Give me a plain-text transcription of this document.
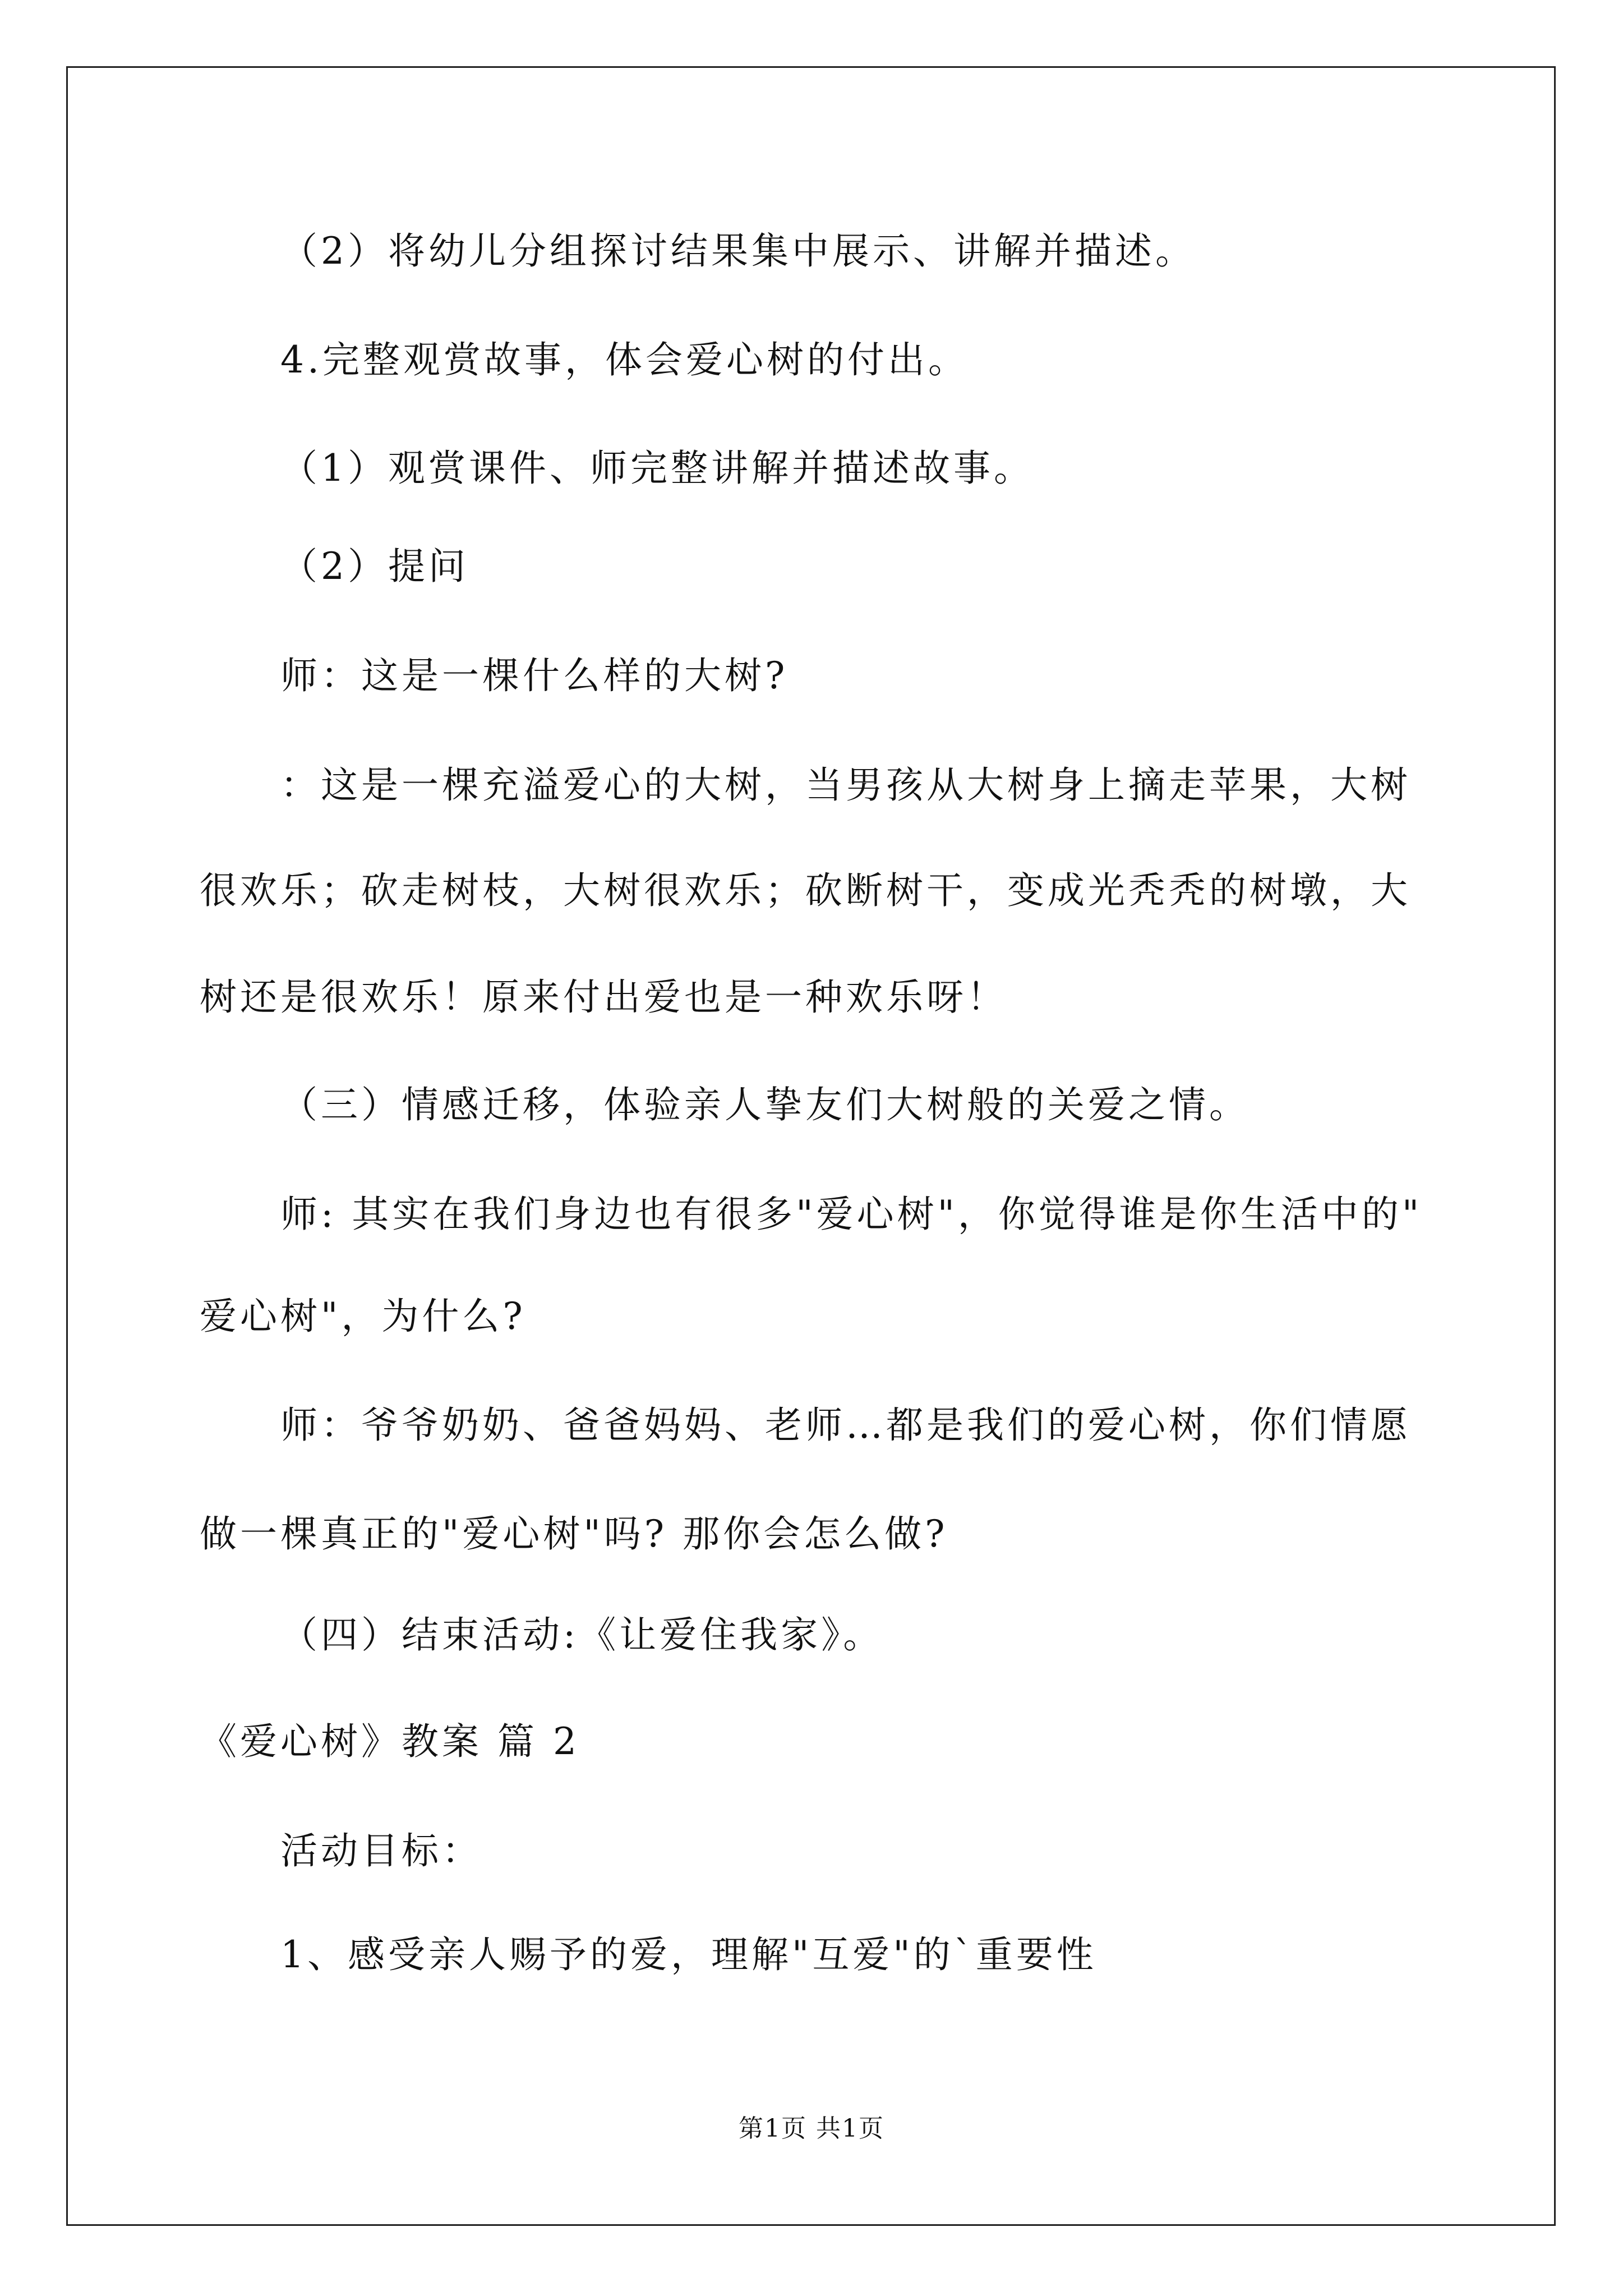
（2）将幼儿分组探讨结果集中展示、讲解并描述。
4.完整观赏故事，体会爱心树的付出。
（1）观赏课件、师完整讲解并描述故事。
（2）提问
师：这是一棵什么样的大树?
：这是一棵充溢爱心的大树，当男孩从大树身上摘走苹果，大树
很欢乐；砍走树枝，大树很欢乐；砍断树干，变成光秃秃的树墩，大
树还是很欢乐！原来付出爱也是一种欢乐呀！
（三）情感迁移，体验亲人挚友们大树般的关爱之情。
师: 其实在我们身边也有很多"爱心树"，你觉得谁是你生活中的"
爱心树"，为什么?
师：爷爷奶奶、爸爸妈妈、老师…都是我们的爱心树，你们情愿
做一棵真正的"爱心树"吗? 那你会怎么做?
（四）结束活动:《让爱住我家》。
《爱心树》教案 篇 2
活动目标：
1、感受亲人赐予的爱，理解"互爱"的`重要性
第1页 共1页
